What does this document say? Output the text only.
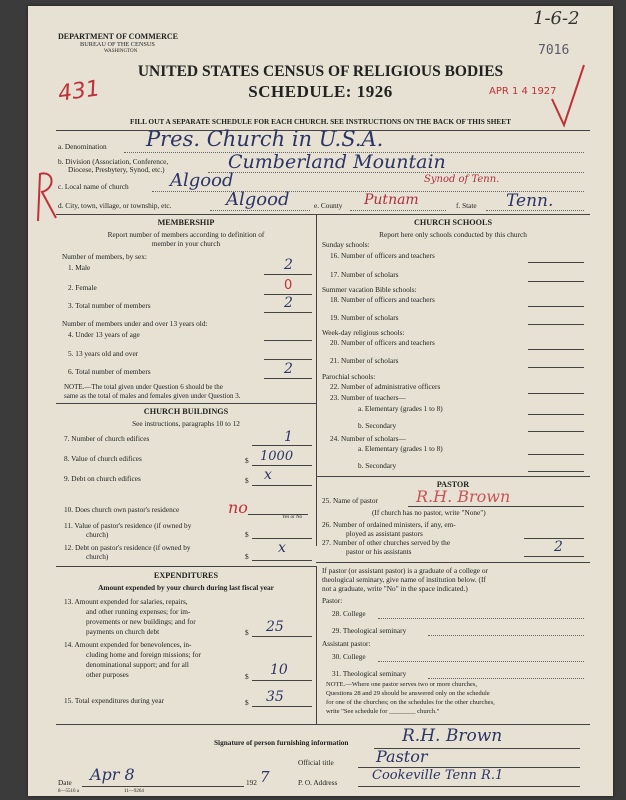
DEPARTMENT OF COMMERCE
BUREAU OF THE CENSUS
WASHINGTON
UNITED STATES CENSUS OF RELIGIOUS BODIES
SCHEDULE: 1926
FILL OUT A SEPARATE SCHEDULE FOR EACH CHURCH. SEE INSTRUCTIONS ON THE BACK OF THIS SHEET
7016
APR 1 4 1927
1-6-2
431
a. Denomination Pres. Church in U.S.A.
b. Division (Association, Conference,
Diocese, Presbytery, Synod, etc.)	Cumberland Mountain
c. Local name of church Algood	Synod of Tenn.
d. City, town, village, or township, etc.	Algood	e. County Putnam	f. State Tenn.
MEMBERSHIP
Report number of members according to definition of
member in your church
Number of members, by sex:
1. Male	2
2. Female	0
3. Total number of members	2
Number of members under and over 13 years old:
4. Under 13 years of age
5. 13 years old and over
6. Total number of members	2
NOTE.—The total given under Question 6 should be the
same as the total of males and females given under Question 3.
CHURCH BUILDINGS
See instructions, paragraphs 10 to 12
7. Number of church edifices	1
8. Value of church edifices	$ 1000
9. Debt on church edifices	$ x
10. Does church own pastor's residence	no
Yes or No
11. Value of pastor's residence (if owned by
church)	$
12. Debt on pastor's residence (if owned by
church)	$
x
EXPENDITURES
Amount expended by your church during last fiscal year
13. Amount expended for salaries, repairs,
and other running expenses; for im-
provements or new buildings; and for
payments on church debt	$ 25
14. Amount expended for benevolences, in-
cluding home and foreign missions; for
denominational support; and for all
other purposes	$ 10
15. Total expenditures during year	$ 35
CHURCH SCHOOLS
Report here only schools conducted by this church
Sunday schools:
16. Number of officers and teachers
17. Number of scholars
Summer vacation Bible schools:
18. Number of officers and teachers
19. Number of scholars
Week-day religious schools:
20. Number of officers and teachers
21. Number of scholars
Parochial schools:
22. Number of administrative officers
23. Number of teachers—
a. Elementary (grades 1 to 8)
b. Secondary
24. Number of scholars—
a. Elementary (grades 1 to 8)
b. Secondary
PASTOR
25. Name of pastor R.H. Brown
(If church has no pastor, write "None")
26. Number of ordained ministers, if any, em-
ployed as assistant pastors
27. Number of other churches served by the
pastor or his assistants	2
If pastor (or assistant pastor) is a graduate of a college or
theological seminary, give name of institution below. (If
not a graduate, write "No" in the space indicated.)
Pastor:
28. College
29. Theological seminary
Assistant pastor:
30. College
31. Theological seminary
NOTE.—Where one pastor serves two or more churches,
Questions 28 and 29 should be answered only on the schedule
for one of the churches; on the schedules for the other churches,
write "See schedule for ________ church."
Signature of person furnishing information	R.H. Brown
Official title	Pastor
Date Apr 8	192 7	P. O. Address	Cookeville Tenn R.1
8—5516 a	11—9264
